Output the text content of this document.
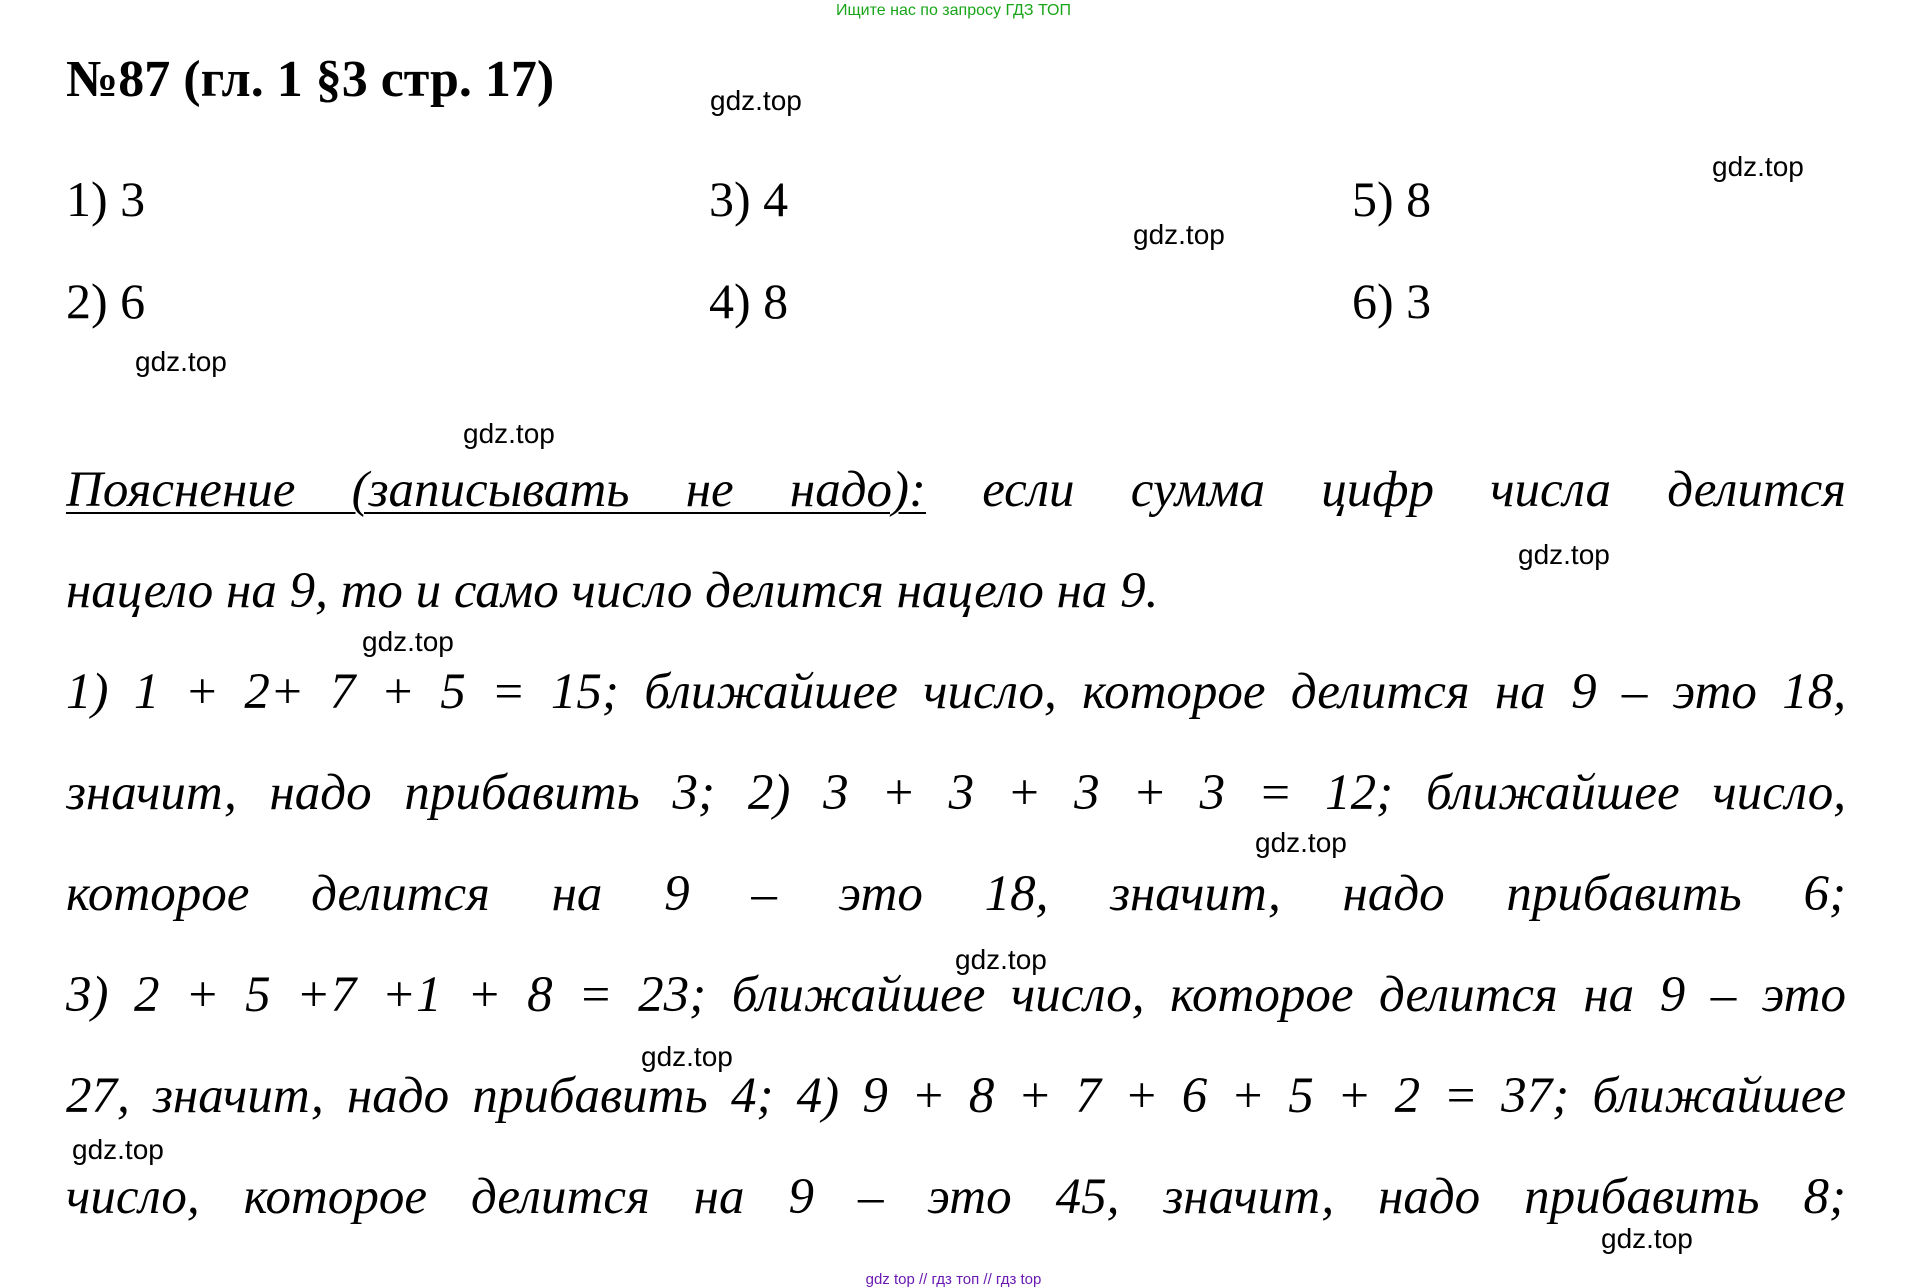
Ищите нас по запросу ГДЗ ТОП
№87 (гл. 1 §3 стр. 17)
1) 3	3) 4	5) 8
2) 6	4) 8	6) 3
Пояснение (записывать не надо): если сумма цифр числа делится
нацело на 9, то и само число делится нацело на 9.
1) 1 + 2+ 7 + 5 = 15; ближайшее число, которое делится на 9 – это 18,
значит, надо прибавить 3; 2) 3 + 3 + 3 + 3 = 12; ближайшее число,
которое делится на 9 – это 18, значит, надо прибавить 6;
3) 2 + 5 +7 +1 + 8 = 23; ближайшее число, которое делится на 9 – это
27, значит, надо прибавить 4; 4) 9 + 8 + 7 + 6 + 5 + 2 = 37; ближайшее
число, которое делится на 9 – это 45, значит, надо прибавить 8;
gdz.top
gdz.top
gdz.top
gdz.top
gdz.top
gdz.top
gdz.top
gdz.top
gdz.top
gdz.top
gdz.top
gdz.top
gdz top // гдз топ // гдз top
